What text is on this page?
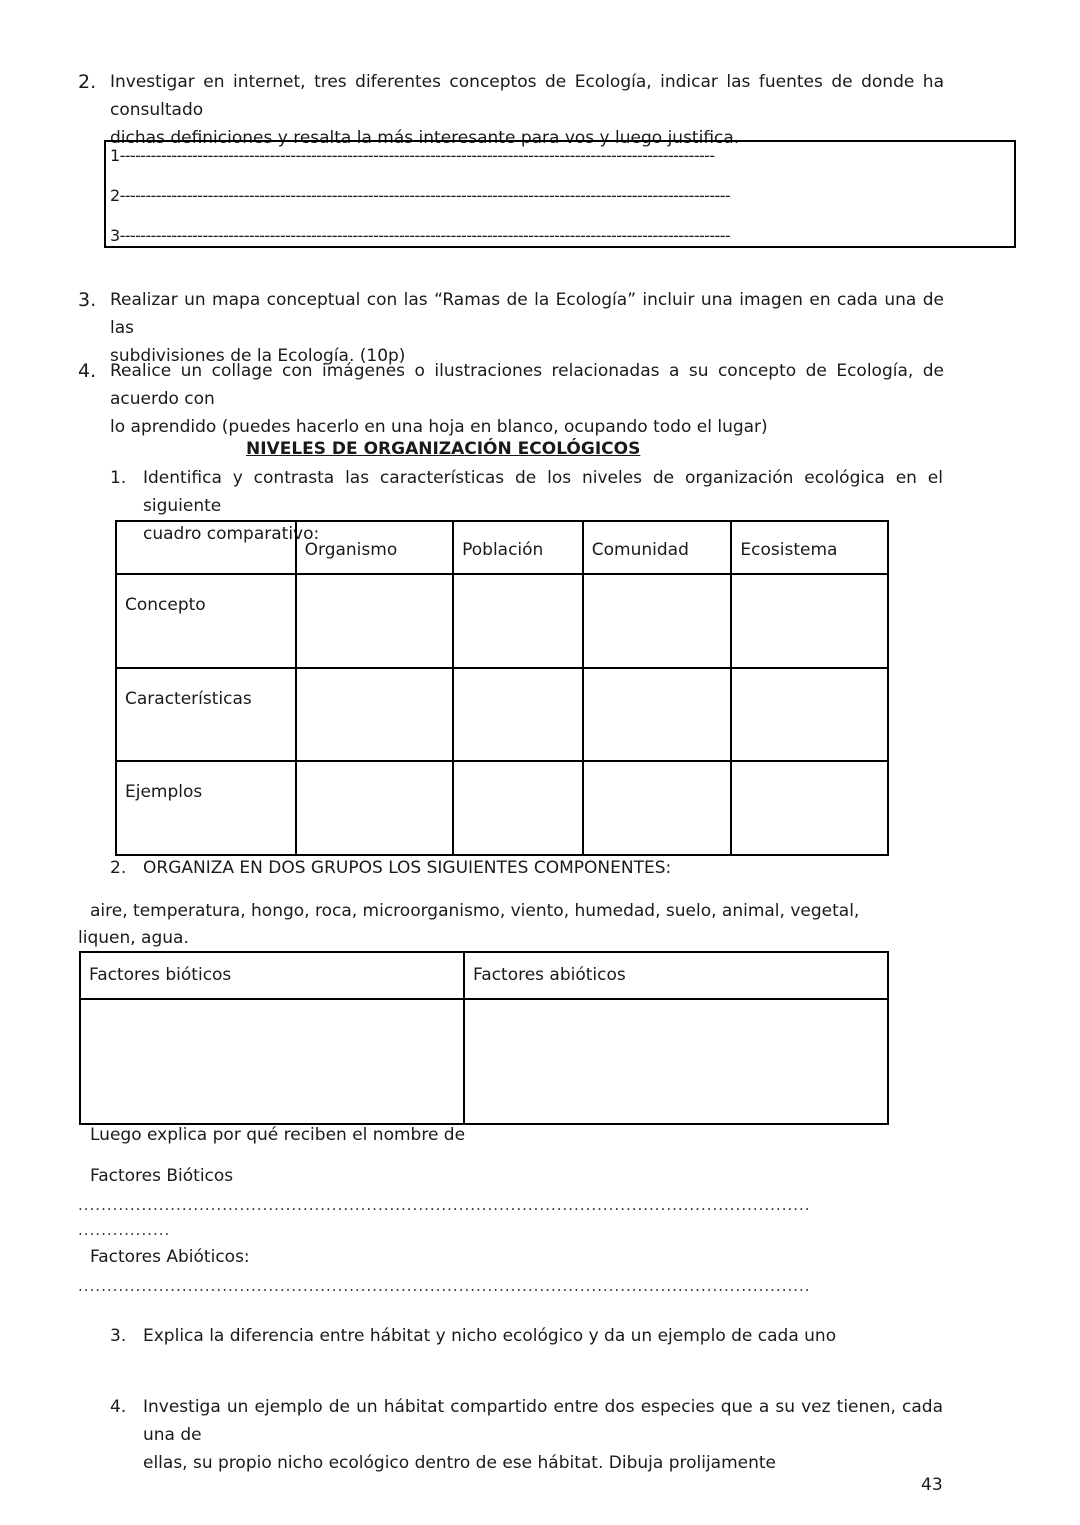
2. Investigar en internet, tres diferentes conceptos de Ecología, indicar las fuentes de donde ha consultado
dichas definiciones y resalta la más interesante para vos y luego justifica.
1-------------------------------------------------------------------------------------------------------------------
2----------------------------------------------------------------------------------------------------------------------
3----------------------------------------------------------------------------------------------------------------------
3. Realizar un mapa conceptual con las “Ramas de la Ecología” incluir una imagen en cada una de las
subdivisiones de la Ecología. (10p)
4. Realice un collage con imágenes o ilustraciones relacionadas a su concepto de Ecología, de acuerdo con
lo aprendido (puedes hacerlo en una hoja en blanco, ocupando todo el lugar)
NIVELES DE ORGANIZACIÓN ECOLÓGICOS
1. Identifica y contrasta las características de los niveles de organización ecológica en el siguiente
cuadro comparativo:
	Organismo	Población	Comunidad	Ecosistema
Concepto				
Características				
Ejemplos				
2. ORGANIZA EN DOS GRUPOS LOS SIGUIENTES COMPONENTES:
aire, temperatura, hongo, roca, microorganismo, viento, humedad, suelo, animal, vegetal,
liquen, agua.
Factores bióticos	Factores abióticos

Luego explica por qué reciben el nombre de
Factores Bióticos
...............................................................................................................................
................
Factores Abióticos:
...............................................................................................................................
3. Explica la diferencia entre hábitat y nicho ecológico y da un ejemplo de cada uno
4. Investiga un ejemplo de un hábitat compartido entre dos especies que a su vez tienen, cada una de
ellas, su propio nicho ecológico dentro de ese hábitat. Dibuja prolijamente
43
